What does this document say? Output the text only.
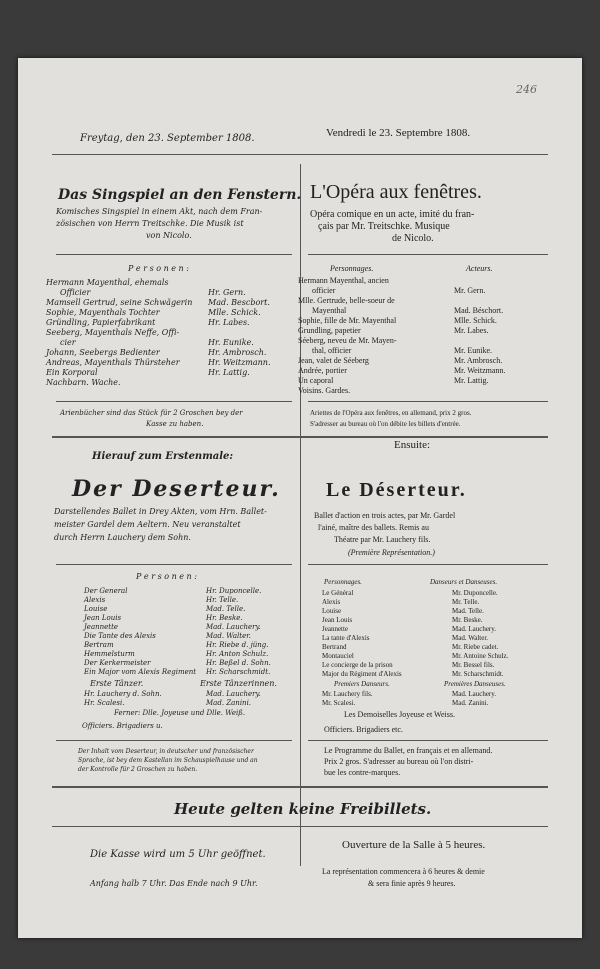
246
Freytag, den 23. September 1808.	Vendredi le 23. Septembre 1808.
Das Singspiel an den Fenstern. L'Opéra aux fenêtres.
Komisches Singspiel in einem Akt, nach dem Fran-
zösischen von Herrn Treitschke. Die Musik ist
von Nicolo.
Opéra comique en un acte, imité du fran-
çais par Mr. Treitschke. Musique
de Nicolo.
P e r s o n e n :	Personnages.	Acteurs.
Hermann Mayenthal, ehemals
Officier	Hr. Gern.
Mamsell Gertrud, seine Schwägerin Mad. Bescbort.
Sophie, Mayenthals Tochter	Mlle. Schick.
Gründling, Papierfabrikant	Hr. Labes.
Seeberg, Mayenthals Neffe, Offi-
cier	Hr. Eunike.
Johann, Seebergs Bedienter	Hr. Ambrosch.
Andreas, Mayenthals Thürsteher	Hr. Weitzmann.
Ein Korporal	Hr. Lattig.
Nachbarn. Wache.
Hermann Mayenthal, ancien
officier	Mr. Gern.
Mlle. Gertrude, belle-soeur de
Mayenthal	Mad. Béschort.
Sophie, fille de Mr. Mayenthal	Mlle. Schick.
Grundling, papetier	Mr. Labes.
Séeberg, neveu de Mr. Mayen-
thal, officier	Mr. Eunike.
Jean, valet de Séeberg	Mr. Ambrosch.
Andrée, portier	Mr. Weitzmann.
Un caporal	Mr. Lattig.
Voisins. Gardes.
Arienbücher sind das Stück für 2 Groschen bey der
Kasse zu haben.
Ariettes de l'Opéra aux fenêtres, en allemand, prix 2 gros.
S'adresser au bureau où l'on débite les billets d'entrée.
Hierauf zum Erstenmale:
Ensuite:
Der Deserteur. Le Déserteur.
Darstellendes Ballet in Drey Akten, vom Hrn. Ballet-
meister Gardel dem Aeltern. Neu veranstaltet
durch Herrn Lauchery dem Sohn.
Ballet d'action en trois actes, par Mr. Gardel
l'ainé, maître des ballets. Remis au
Théatre par Mr. Lauchery fils.
(Première Représentation.)
P e r s o n e n :
Personnages.	Danseurs et Danseuses.
Der General	Hr. Duponcelle.
Alexis	Hr. Telle.
Louise	Mad. Telle.
Jean Louis	Hr. Beske.
Jeannette	Mad. Lauchery.
Die Tante des Alexis	Mad. Walter.
Bertram	Hr. Riebe d. jüng.
Hemmelsturm	Hr. Anton Schulz.
Der Kerkermeister	Hr. Beßel d. Sohn.
Ein Major vom Alexis Regiment Hr. Scharschmidt.
Erste Tänzer.	Erste Tänzerinnen.
Hr. Lauchery d. Sohn.	Mad. Lauchery.
Hr. Scalesi.	Mad. Zanini.
Ferner: Dlle. Joyeuse und Dlle. Weiß.
Officiers. Brigadiers u.
Le Général	Mr. Duponcelle.
Alexis	Mr. Telle.
Louise	Mad. Telle.
Jean Louis	Mr. Beske.
Jeannette	Mad. Lauchery.
La tante d'Alexis	Mad. Walter.
Bertrand	Mr. Riebe cadet.
Montauciel	Mr. Antoine Schulz.
Le concierge de la prison	Mr. Bessel fils.
Major du Régiment d'Alexis	Mr. Scharschmidt.
Premiers Danseurs.	Premières Danseuses.
Mr. Lauchery fils.	Mad. Lauchery.
Mr. Scalesi.	Mad. Zanini.
Les Demoiselles Joyeuse et Weiss.
Officiers. Brigadiers etc.
Der Inhalt vom Deserteur, in deutscher und französischer
Sprache, ist bey dem Kastellan im Schauspielhause und an
der Kontrolle für 2 Groschen zu haben.
Le Programme du Ballet, en français et en allemand.
Prix 2 gros. S'adresser au bureau où l'on distri-
bue les contre-marques.
Heute gelten keine Freibillets.
Die Kasse wird um 5 Uhr geöffnet.
Anfang halb 7 Uhr. Das Ende nach 9 Uhr.
Ouverture de la Salle à 5 heures.
La représentation commencera à 6 heures & demie
& sera finie après 9 heures.
